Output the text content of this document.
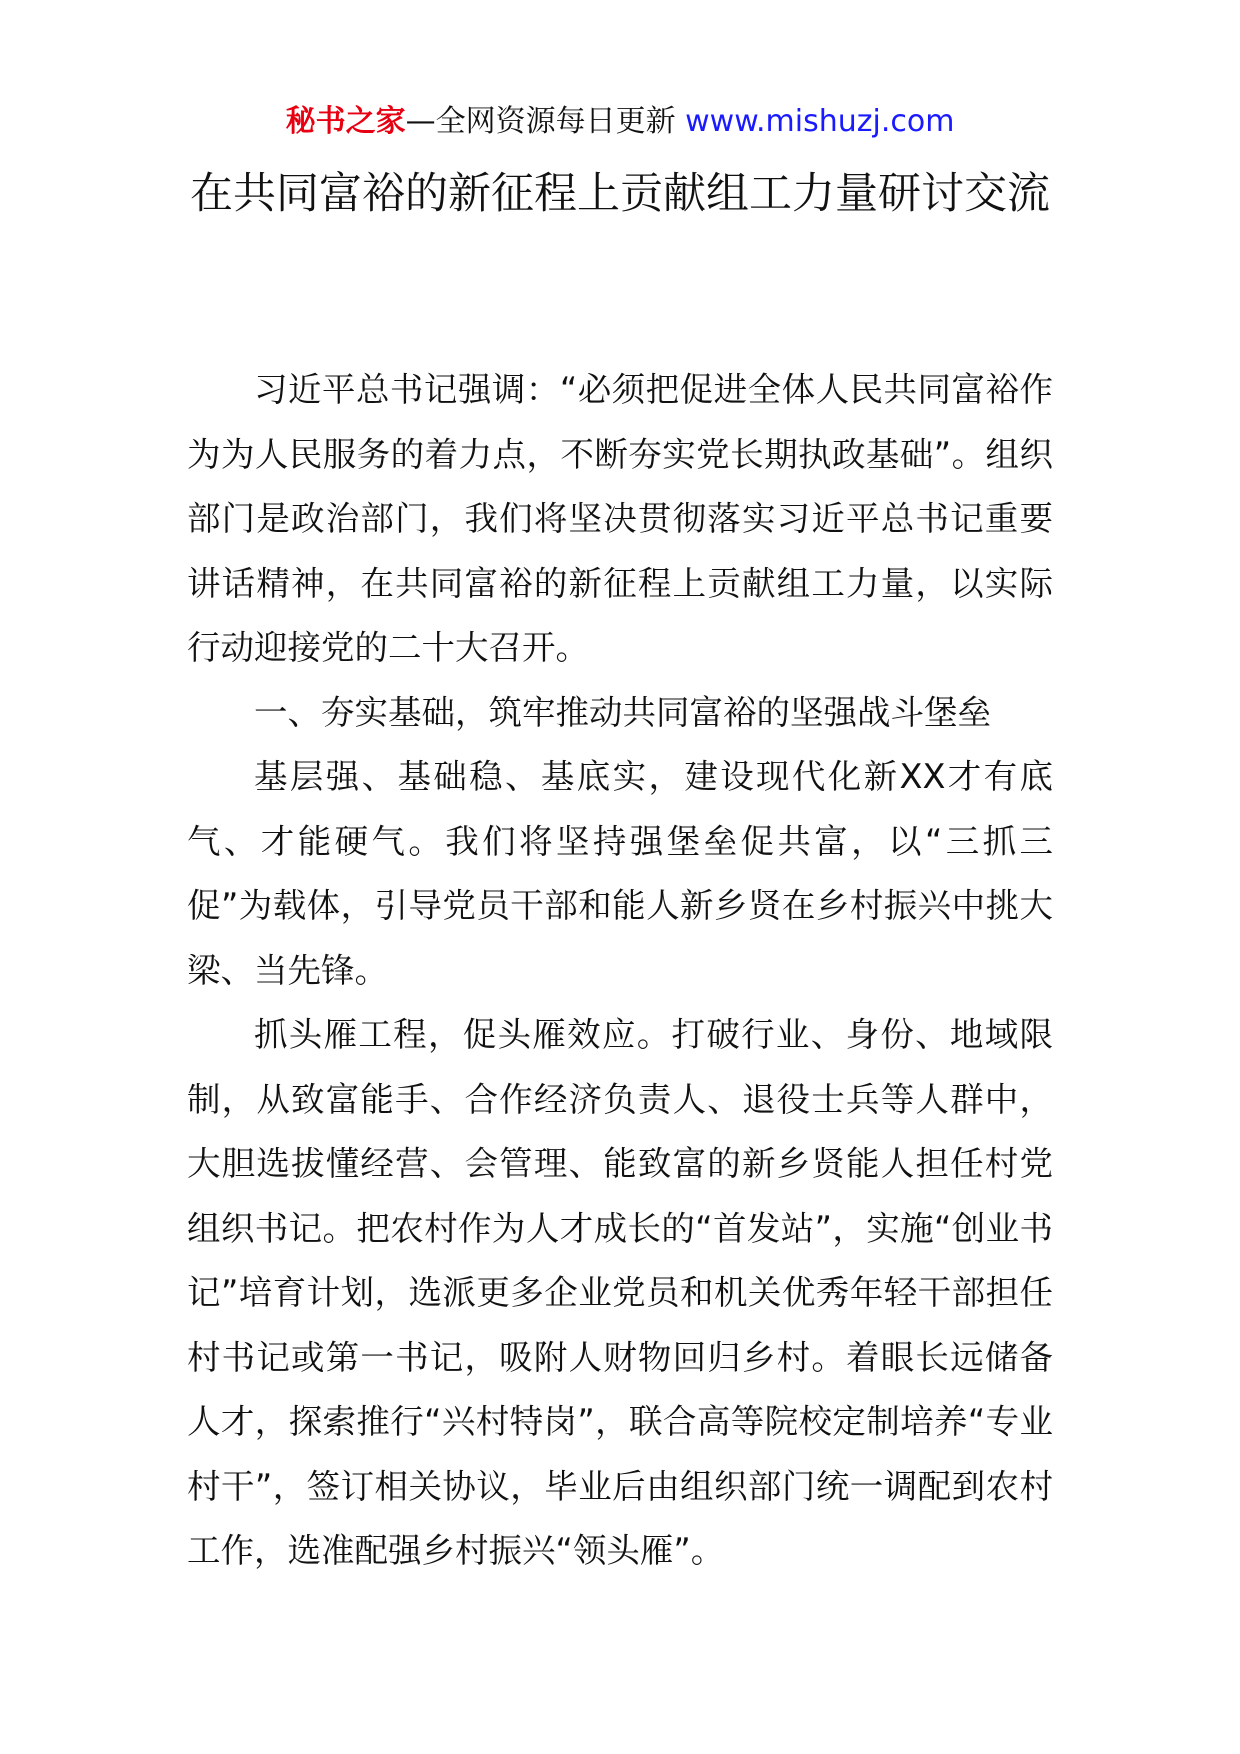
秘书之家—全网资源每日更新 www.mishuzj.com
在共同富裕的新征程上贡献组工力量研讨交流

习近平总书记强调：“必须把促进全体人民共同富裕作为为人民服务的着力点，不断夯实党长期执政基础”。组织部门是政治部门，我们将坚决贯彻落实习近平总书记重要讲话精神，在共同富裕的新征程上贡献组工力量，以实际行动迎接党的二十大召开。

一、夯实基础，筑牢推动共同富裕的坚强战斗堡垒

基层强、基础稳、基底实，建设现代化新XX才有底气、才能硬气。我们将坚持强堡垒促共富，以“三抓三促”为载体，引导党员干部和能人新乡贤在乡村振兴中挑大梁、当先锋。

抓头雁工程，促头雁效应。打破行业、身份、地域限制，从致富能手、合作经济负责人、退役士兵等人群中，大胆选拔懂经营、会管理、能致富的新乡贤能人担任村党组织书记。把农村作为人才成长的“首发站”，实施“创业书记”培育计划，选派更多企业党员和机关优秀年轻干部担任村书记或第一书记，吸附人财物回归乡村。着眼长远储备人才，探索推行“兴村特岗”，联合高等院校定制培养“专业村干”，签订相关协议，毕业后由组织部门统一调配到农村工作，选准配强乡村振兴“领头雁”。
